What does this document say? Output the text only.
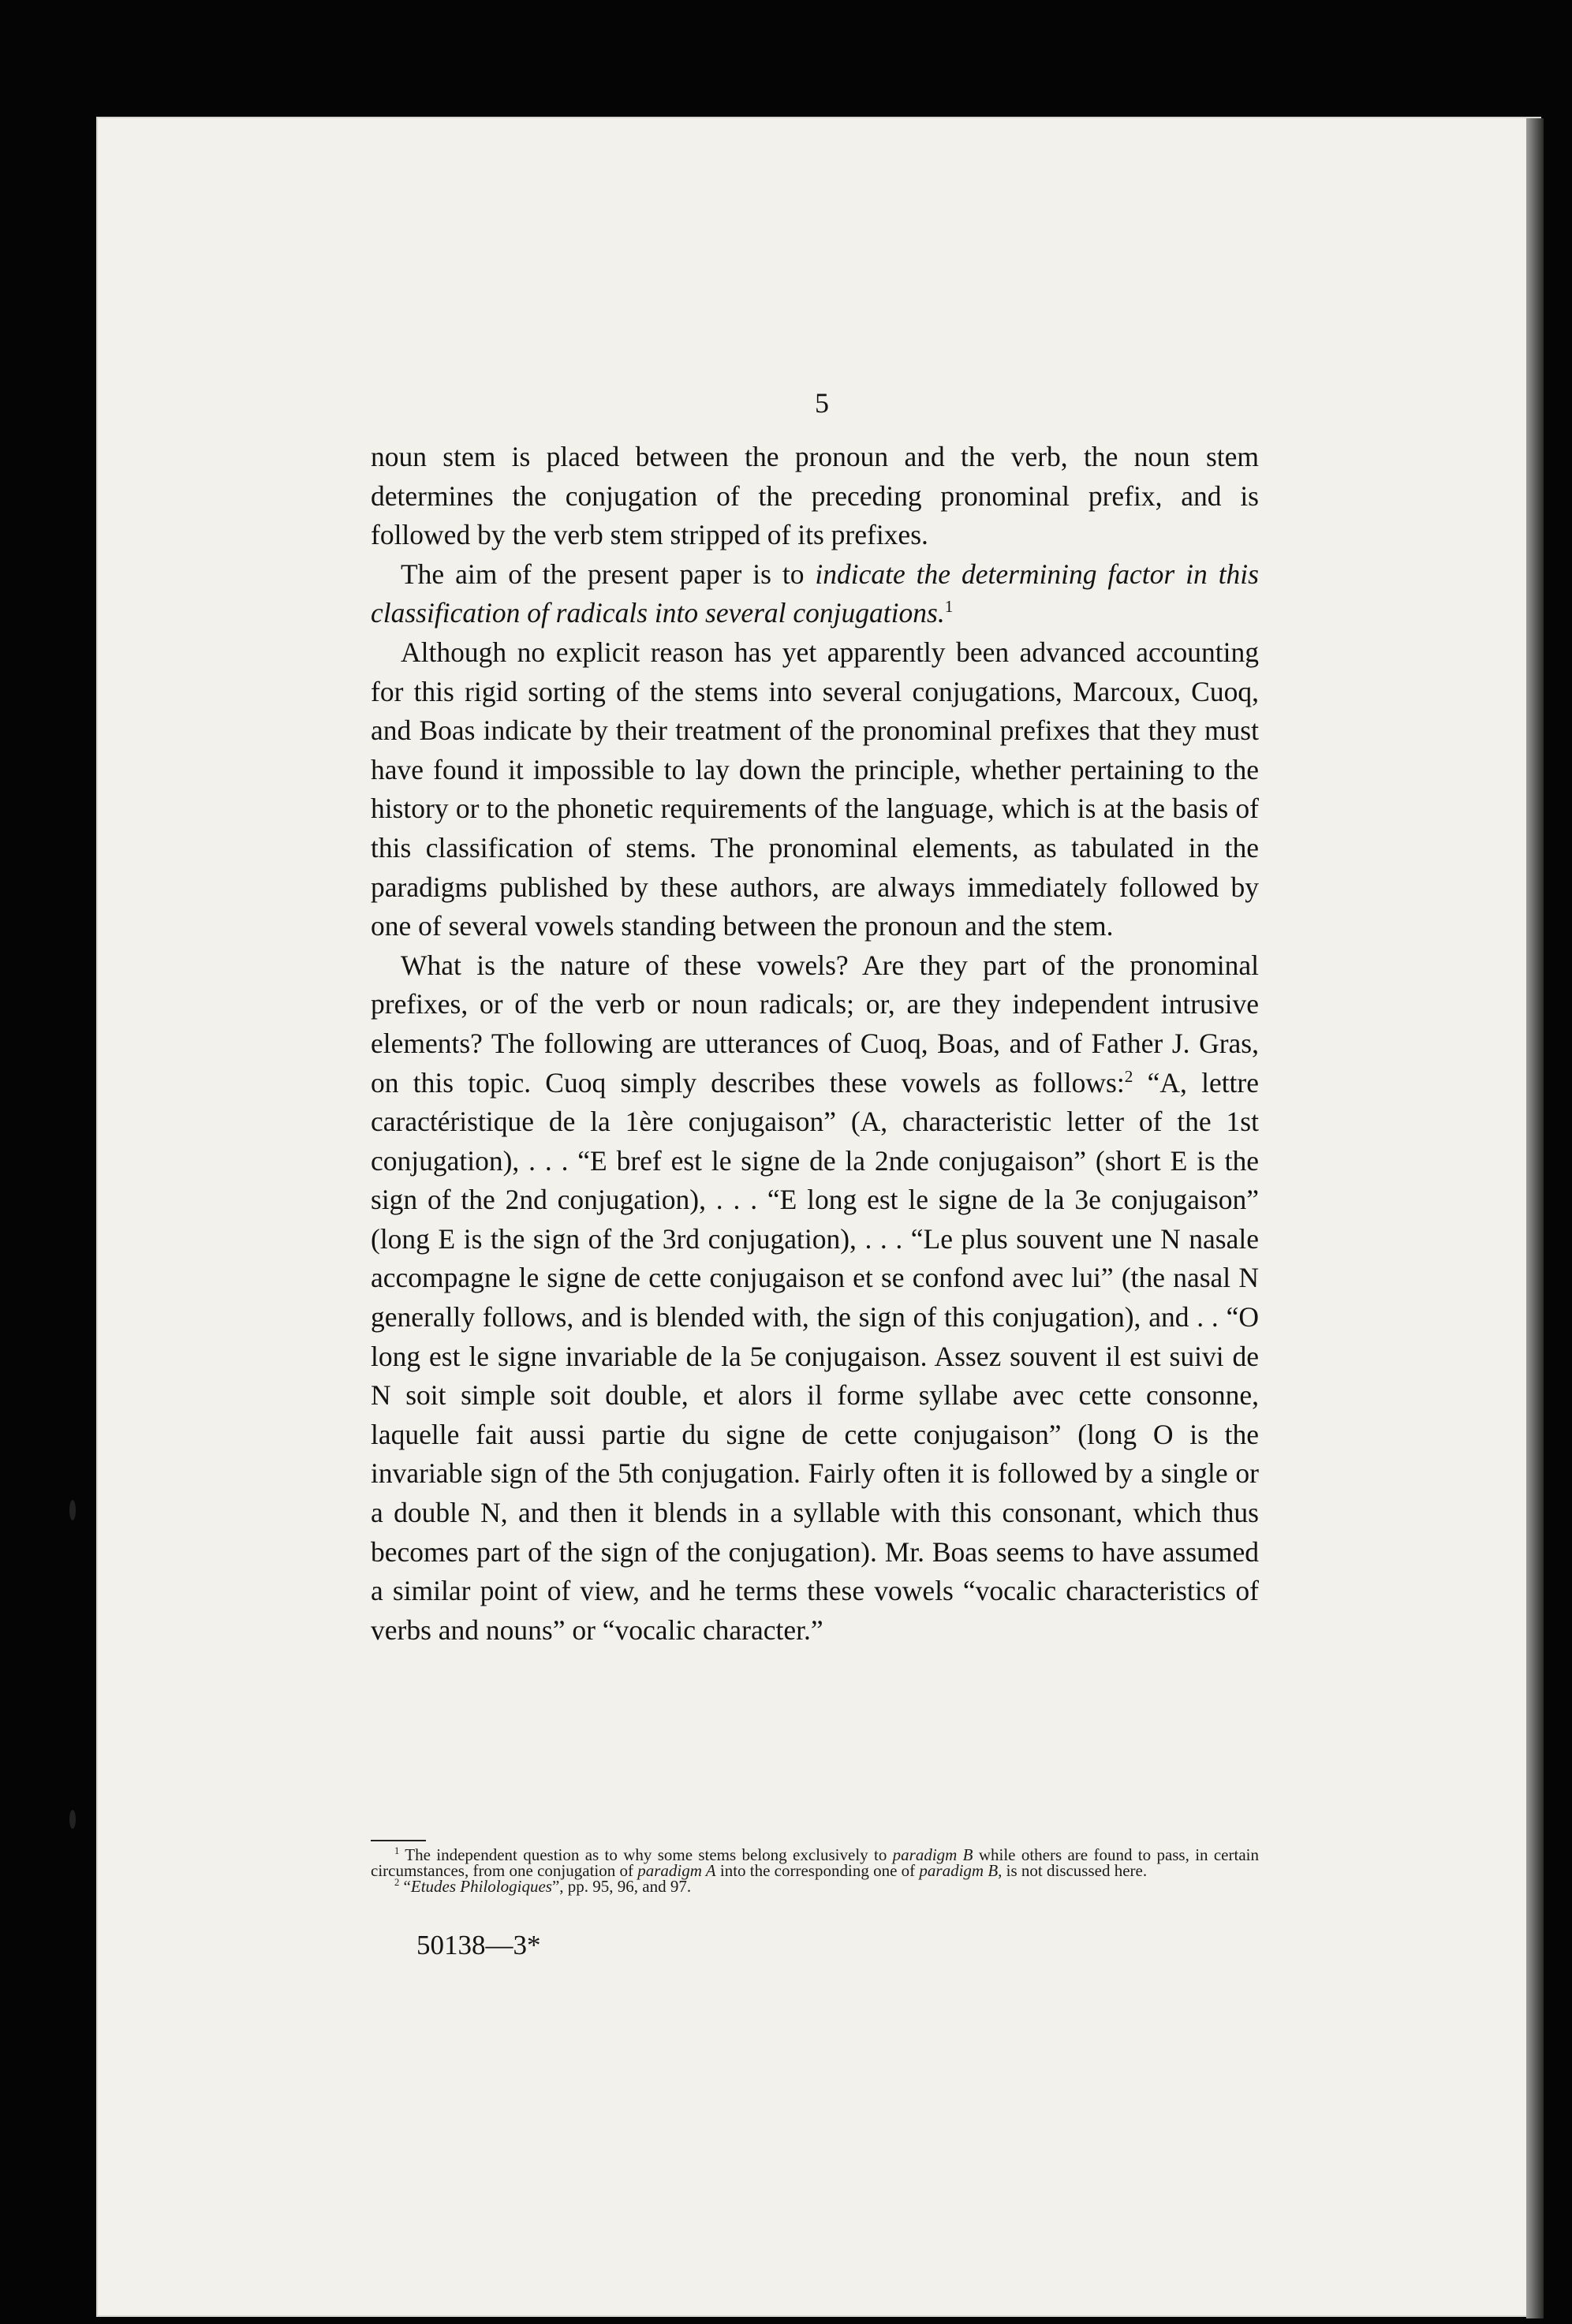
5

noun stem is placed between the pronoun and the verb, the noun stem determines the conjugation of the preceding pronominal prefix, and is followed by the verb stem stripped of its prefixes.

The aim of the present paper is to indicate the determining factor in this classification of radicals into several conjugations.$^1$

Although no explicit reason has yet apparently been advanced accounting for this rigid sorting of the stems into several conjugations, Marcoux, Cuoq, and Boas indicate by their treatment of the pronominal prefixes that they must have found it impossible to lay down the principle, whether pertaining to the history or to the phonetic requirements of the language, which is at the basis of this classification of stems. The pronominal elements, as tabulated in the paradigms published by these authors, are always immediately followed by one of several vowels standing between the pronoun and the stem.

What is the nature of these vowels? Are they part of the pronominal prefixes, or of the verb or noun radicals; or, are they independent intrusive elements? The following are utterances of Cuoq, Boas, and of Father J. Gras, on this topic. Cuoq simply describes these vowels as follows:$^2$ “A, lettre caractéristique de la 1ère conjugaison” (A, characteristic letter of the 1st conjugation), . . . “E bref est le signe de la 2nde conjugaison” (short E is the sign of the 2nd conjugation), . . . “E long est le signe de la 3e conjugaison” (long E is the sign of the 3rd conjugation), . . . “Le plus souvent une N nasale accompagne le signe de cette conjugaison et se confond avec lui” (the nasal N generally follows, and is blended with, the sign of this conjugation), and . . “O long est le signe invariable de la 5e conjugaison. Assez souvent il est suivi de N soit simple soit double, et alors il forme syllabe avec cette consonne, laquelle fait aussi partie du signe de cette conjugaison” (long O is the invariable sign of the 5th conjugation. Fairly often it is followed by a single or a double N, and then it blends in a syllable with this consonant, which thus becomes part of the sign of the conjugation). Mr. Boas seems to have assumed a similar point of view, and he terms these vowels “vocalic characteristics of verbs and nouns” or “vocalic character.”

$^1$ The independent question as to why some stems belong exclusively to paradigm B while others are found to pass, in certain circumstances, from one conjugation of paradigm A into the corresponding one of paradigm B, is not discussed here.

$^2$ “Etudes Philologiques”, pp. 95, 96, and 97.

50138—3*
